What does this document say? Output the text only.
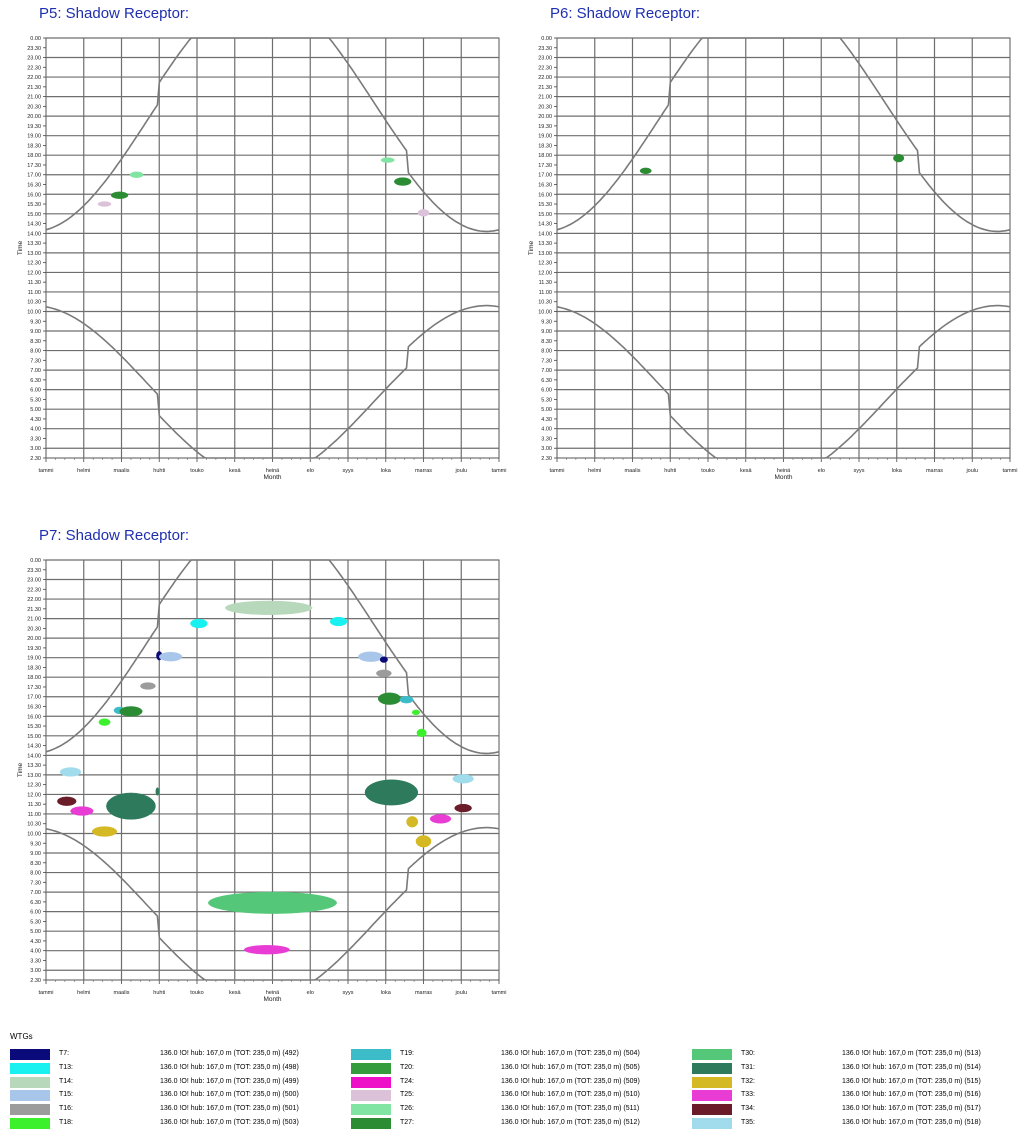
P5: Shadow Receptor:
0.00
23.30
23.00
22.30
22.00
21.30
21.00
20.30
20.00
19.30
19.00
18.30
18.00
17.30
17.00
16.30
16.00
15.30
15.00
14.30
14.00
13.30
13.00
12.30
12.00
11.30
11.00
10.30
10.00
9.30
9.00
8.30
8.00
7.30
7.00
6.30
6.00
5.30
5.00
4.30
4.00
3.30
3.00
2.30
tammi	helmi	maalis	huhti	touko	kesä	heinä	elo	syys	loka	marras	joulu	tammi
Month
Time
P6: Shadow Receptor:
0.00
23.30
23.00
22.30
22.00
21.30
21.00
20.30
20.00
19.30
19.00
18.30
18.00
17.30
17.00
16.30
16.00
15.30
15.00
14.30
14.00
13.30
13.00
12.30
12.00
11.30
11.00
10.30
10.00
9.30
9.00
8.30
8.00
7.30
7.00
6.30
6.00
5.30
5.00
4.30
4.00
3.30
3.00
2.30
tammi	helmi	maalis	huhti	touko	kesä	heinä	elo	syys	loka	marras	joulu	tammi
Month
Time
P7: Shadow Receptor:
0.00
23.30
23.00
22.30
22.00
21.30
21.00
20.30
20.00
19.30
19.00
18.30
18.00
17.30
17.00
16.30
16.00
15.30
15.00
14.30
14.00
13.30
13.00
12.30
12.00
11.30
11.00
10.30
10.00
9.30
9.00
8.30
8.00
7.30
7.00
6.30
6.00
5.30
5.00
4.30
4.00
3.30
3.00
2.30
tammi	helmi	maalis	huhti	touko	kesä	heinä	elo	syys	loka	marras	joulu	tammi
Month
Time
WTGs
T7:	136.0 !O! hub: 167,0 m (TOT: 235,0 m) (492)
T13:	136.0 !O! hub: 167,0 m (TOT: 235,0 m) (498)
T14:	136.0 !O! hub: 167,0 m (TOT: 235,0 m) (499)
T15:	136.0 !O! hub: 167,0 m (TOT: 235,0 m) (500)
T16:	136.0 !O! hub: 167,0 m (TOT: 235,0 m) (501)
T18:	136.0 !O! hub: 167,0 m (TOT: 235,0 m) (503)
T19:	136.0 !O! hub: 167,0 m (TOT: 235,0 m) (504)
T20:	136.0 !O! hub: 167,0 m (TOT: 235,0 m) (505)
T24:	136.0 !O! hub: 167,0 m (TOT: 235,0 m) (509)
T25:	136.0 !O! hub: 167,0 m (TOT: 235,0 m) (510)
T26:	136.0 !O! hub: 167,0 m (TOT: 235,0 m) (511)
T27:	136.0 !O! hub: 167,0 m (TOT: 235,0 m) (512)
T30:	136.0 !O! hub: 167,0 m (TOT: 235,0 m) (513)
T31:	136.0 !O! hub: 167,0 m (TOT: 235,0 m) (514)
T32:	136.0 !O! hub: 167,0 m (TOT: 235,0 m) (515)
T33:	136.0 !O! hub: 167,0 m (TOT: 235,0 m) (516)
T34:	136.0 !O! hub: 167,0 m (TOT: 235,0 m) (517)
T35:	136.0 !O! hub: 167,0 m (TOT: 235,0 m) (518)
